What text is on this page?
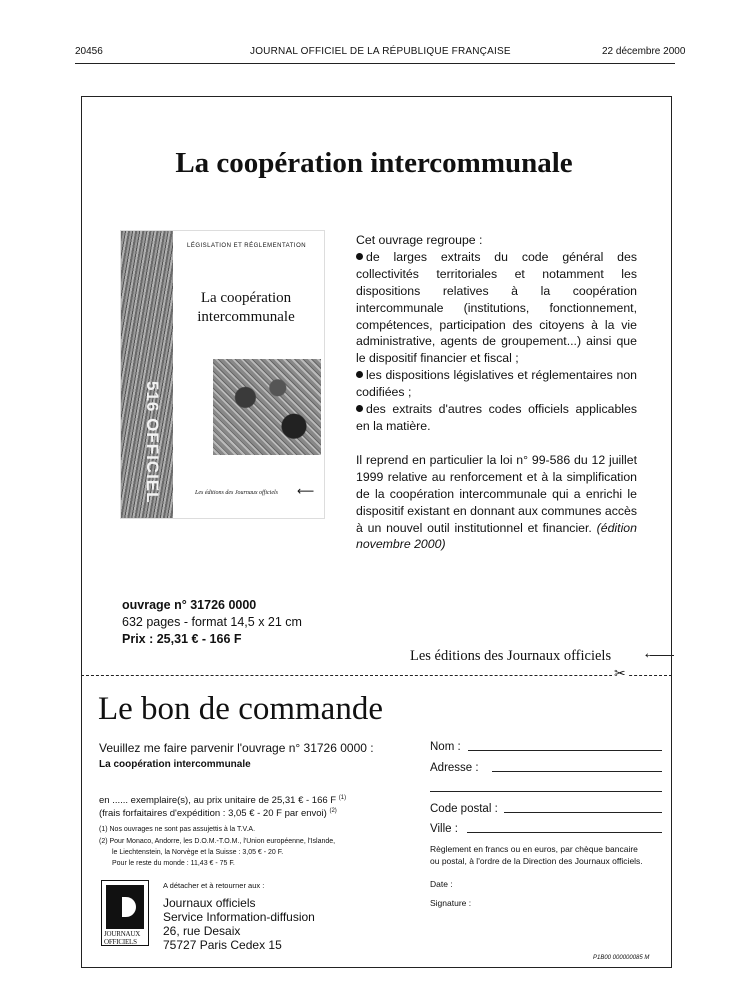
20456	JOURNAL OFFICIEL DE LA RÉPUBLIQUE FRANÇAISE	22 décembre 2000
La coopération intercommunale
516 OFFICIEL
LÉGISLATION ET RÉGLEMENTATION
La coopération
intercommunale
Les éditions des Journaux officiels ⟵

Cet ouvrage regroupe :

de larges extraits du code général des collectivités territoriales et notamment les dispositions relatives à la coopération intercommunale (institutions, fonctionnement, compétences, participation des citoyens à la vie administrative, agents de groupement...) ainsi que le dispositif financier et fiscal ;

les dispositions législatives et réglementaires non codifiées ;

des extraits d'autres codes officiels applicables en la matière.

Il reprend en particulier la loi n° 99-586 du 12 juillet 1999 relative au renforcement et à la simplification de la coopération intercommunale qui a enrichi le dispositif existant en donnant aux communes accès à un nouvel outil institutionnel et financier. (édition novembre 2000)

ouvrage n° 31726 0000
632 pages - format 14,5 x 21 cm
Prix : 25,31 € - 166 F
Les éditions des Journaux officiels ←
✂
Le bon de commande
Veuillez me faire parvenir l'ouvrage n° 31726 0000 :
La coopération intercommunale
en ...... exemplaire(s), au prix unitaire de 25,31 € - 166 F $^{(1)}$
(frais forfaitaires d'expédition : 3,05 € - 20 F par envoi) $^{(2)}$
(1) Nos ouvrages ne sont pas assujettis à la T.V.A.
(2) Pour Monaco, Andorre, les D.O.M.-T.O.M., l'Union européenne, l'Islande,
le Liechtenstein, la Norvège et la Suisse : 3,05 € - 20 F.
Pour le reste du monde : 11,43 € - 75 F.
Nom :
Adresse :
Code postal :
Ville :
Règlement en francs ou en euros, par chèque bancaire
ou postal, à l'ordre de la Direction des Journaux officiels.
Date :
Signature :
JOURNAUX
OFFICIELS
A détacher et à retourner aux :
Journaux officiels
Service Information-diffusion
26, rue Desaix
75727 Paris Cedex 15
P1B00 000000085 M
